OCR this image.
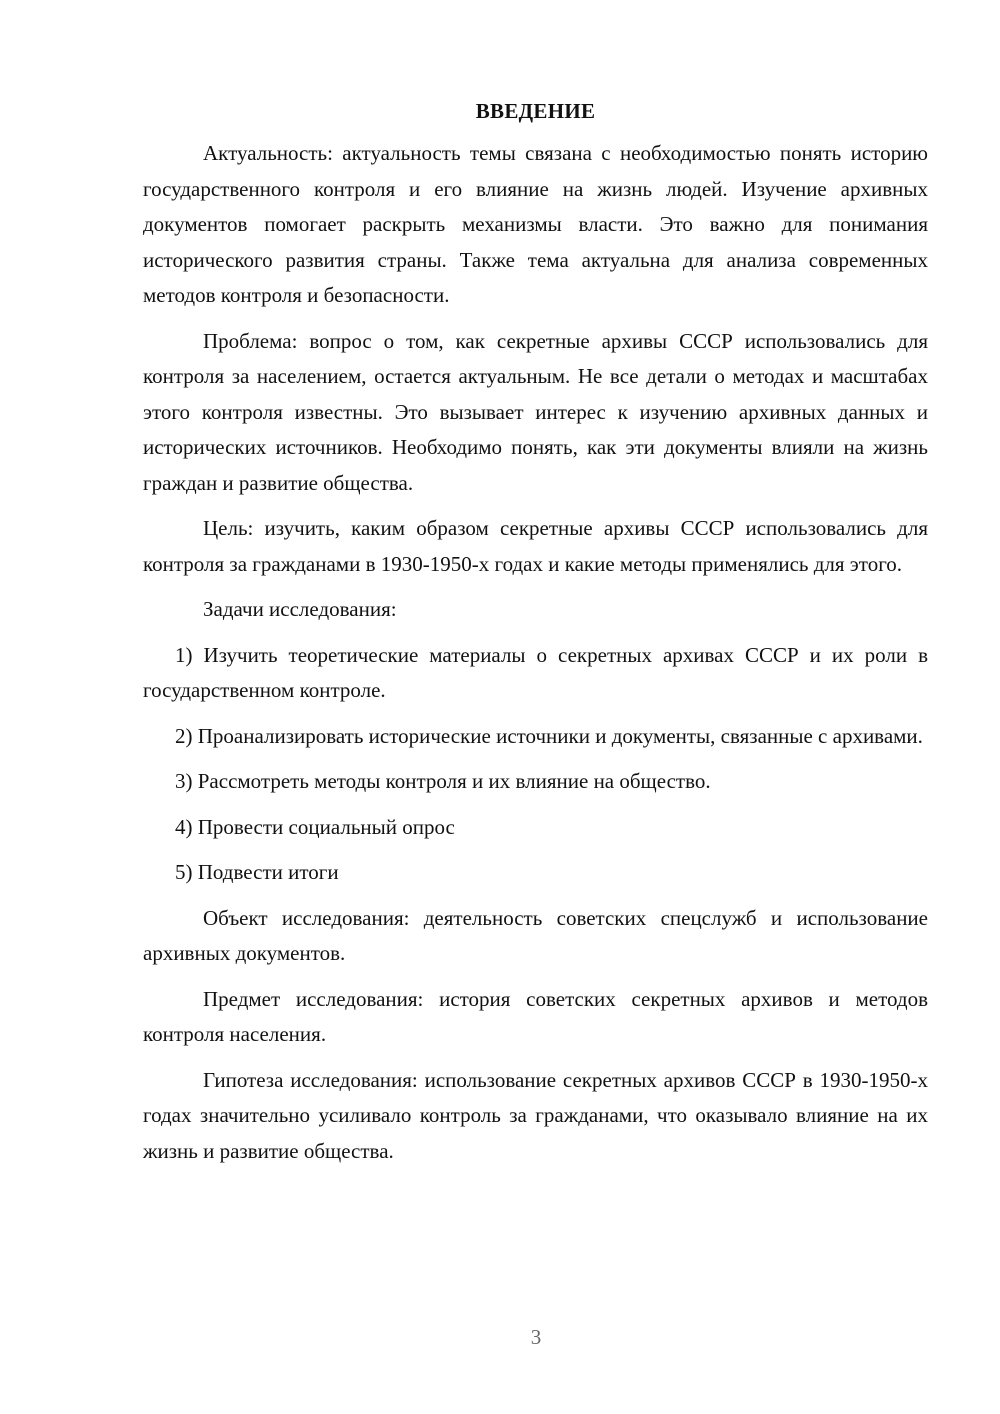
ВВЕДЕНИЕ

Актуальность: актуальность темы связана с необходимостью понять историю государственного контроля и его влияние на жизнь людей. Изучение архивных документов помогает раскрыть механизмы власти. Это важно для понимания исторического развития страны. Также тема актуальна для анализа современных методов контроля и безопасности.

Проблема: вопрос о том, как секретные архивы СССР использовались для контроля за населением, остается актуальным. Не все детали о методах и масштабах этого контроля известны. Это вызывает интерес к изучению архивных данных и исторических источников. Необходимо понять, как эти документы влияли на жизнь граждан и развитие общества.

Цель: изучить, каким образом секретные архивы СССР использовались для контроля за гражданами в 1930-1950-х годах и какие методы применялись для этого.

Задачи исследования:

1) Изучить теоретические материалы о секретных архивах СССР и их роли в государственном контроле.

2) Проанализировать исторические источники и документы, связанные с архивами.

3) Рассмотреть методы контроля и их влияние на общество.

4) Провести социальный опрос

5) Подвести итоги

Объект исследования: деятельность советских спецслужб и использование архивных документов.

Предмет исследования: история советских секретных архивов и методов контроля населения.

Гипотеза исследования: использование секретных архивов СССР в 1930-1950-х годах значительно усиливало контроль за гражданами, что оказывало влияние на их жизнь и развитие общества.

3
